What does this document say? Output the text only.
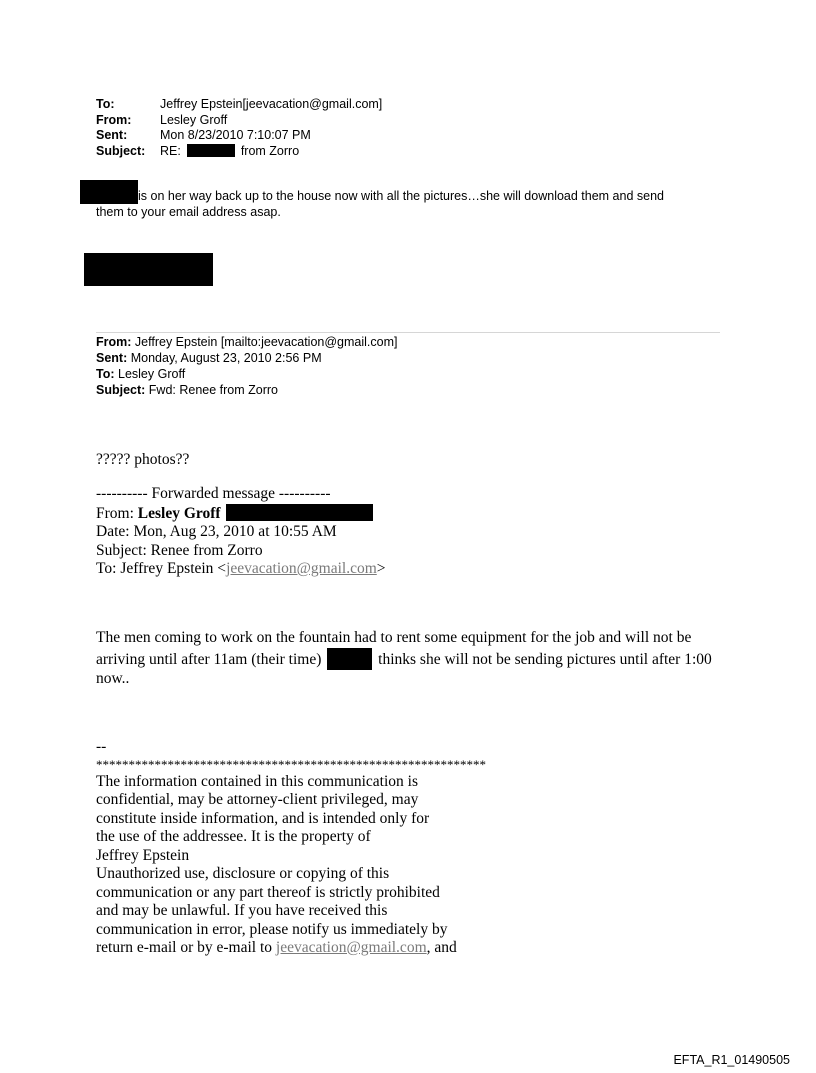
To:	Jeffrey Epstein[jeevacation@gmail.com]
From: Lesley Groff
Sent:	Mon 8/23/2010 7:10:07 PM
Subject: RE:	from Zorro
is on her way back up to the house now with all the pictures…she will download them and send
them to your email address asap.
From: Jeffrey Epstein [mailto:jeevacation@gmail.com]
Sent: Monday, August 23, 2010 2:56 PM
To: Lesley Groff
Subject: Fwd: Renee from Zorro
????? photos??
---------- Forwarded message ----------
From: Lesley Groff
Date: Mon, Aug 23, 2010 at 10:55 AM
Subject: Renee from Zorro
To: Jeffrey Epstein <jeevacation@gmail.com>
The men coming to work on the fountain had to rent some equipment for the job and will not be
arriving until after 11am (their time)	thinks she will not be sending pictures until after 1:00
now..
--
************************************************************
The information contained in this communication is
confidential, may be attorney-client privileged, may
constitute inside information, and is intended only for
the use of the addressee. It is the property of
Jeffrey Epstein
Unauthorized use, disclosure or copying of this
communication or any part thereof is strictly prohibited
and may be unlawful. If you have received this
communication in error, please notify us immediately by
return e-mail or by e-mail to jeevacation@gmail.com, and
EFTA_R1_01490505
